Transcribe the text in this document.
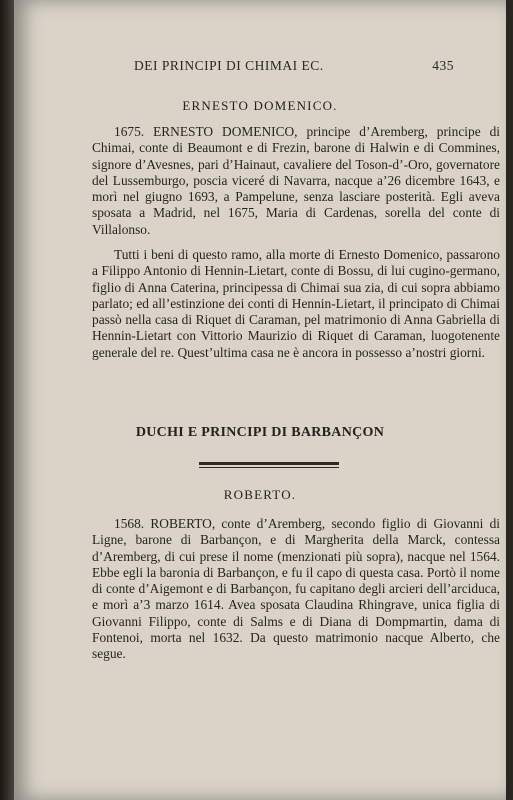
DEI PRINCIPI DI CHIMAI EC.	435
ERNESTO DOMENICO.

1675. ERNESTO DOMENICO, principe d’Aremberg, principe di Chimai, conte di Beaumont e di Frezin, barone di Halwin e di Commines, signore d’Avesnes, pari d’Hainaut, cavaliere del Toson-d’-Oro, governatore del Lussemburgo, poscia viceré di Navarra, nacque a’26 dicembre 1643, e morì nel giugno 1693, a Pampelune, senza lasciare posterità. Egli aveva sposata a Madrid, nel 1675, Maria di Cardenas, sorella del conte di Villalonso.

Tutti i beni di questo ramo, alla morte di Ernesto Domenico, passarono a Filippo Antonio di Hennin-Lietart, conte di Bossu, di lui cugino-germano, figlio di Anna Caterina, principessa di Chimai sua zia, di cui sopra abbiamo parlato; ed all’estinzione dei conti di Hennin-Lietart, il principato di Chimai passò nella casa di Riquet di Caraman, pel matrimonio di Anna Gabriella di Hennin-Lietart con Vittorio Maurizio di Riquet di Caraman, luogotenente generale del re. Quest’ultima casa ne è ancora in possesso a’nostri giorni.

DUCHI E PRINCIPI DI BARBANÇON
ROBERTO.

1568. ROBERTO, conte d’Aremberg, secondo figlio di Giovanni di Ligne, barone di Barbançon, e di Margherita della Marck, contessa d’Aremberg, di cui prese il nome (menzionati più sopra), nacque nel 1564. Ebbe egli la baronia di Barbançon, e fu il capo di questa casa. Portò il nome di conte d’Aigemont e di Barbançon, fu capitano degli arcieri dell’arciduca, e morì a’3 marzo 1614. Avea sposata Claudina Rhingrave, unica figlia di Giovanni Filippo, conte di Salms e di Diana di Dompmartin, dama di Fontenoi, morta nel 1632. Da questo matrimonio nacque Alberto, che segue.
